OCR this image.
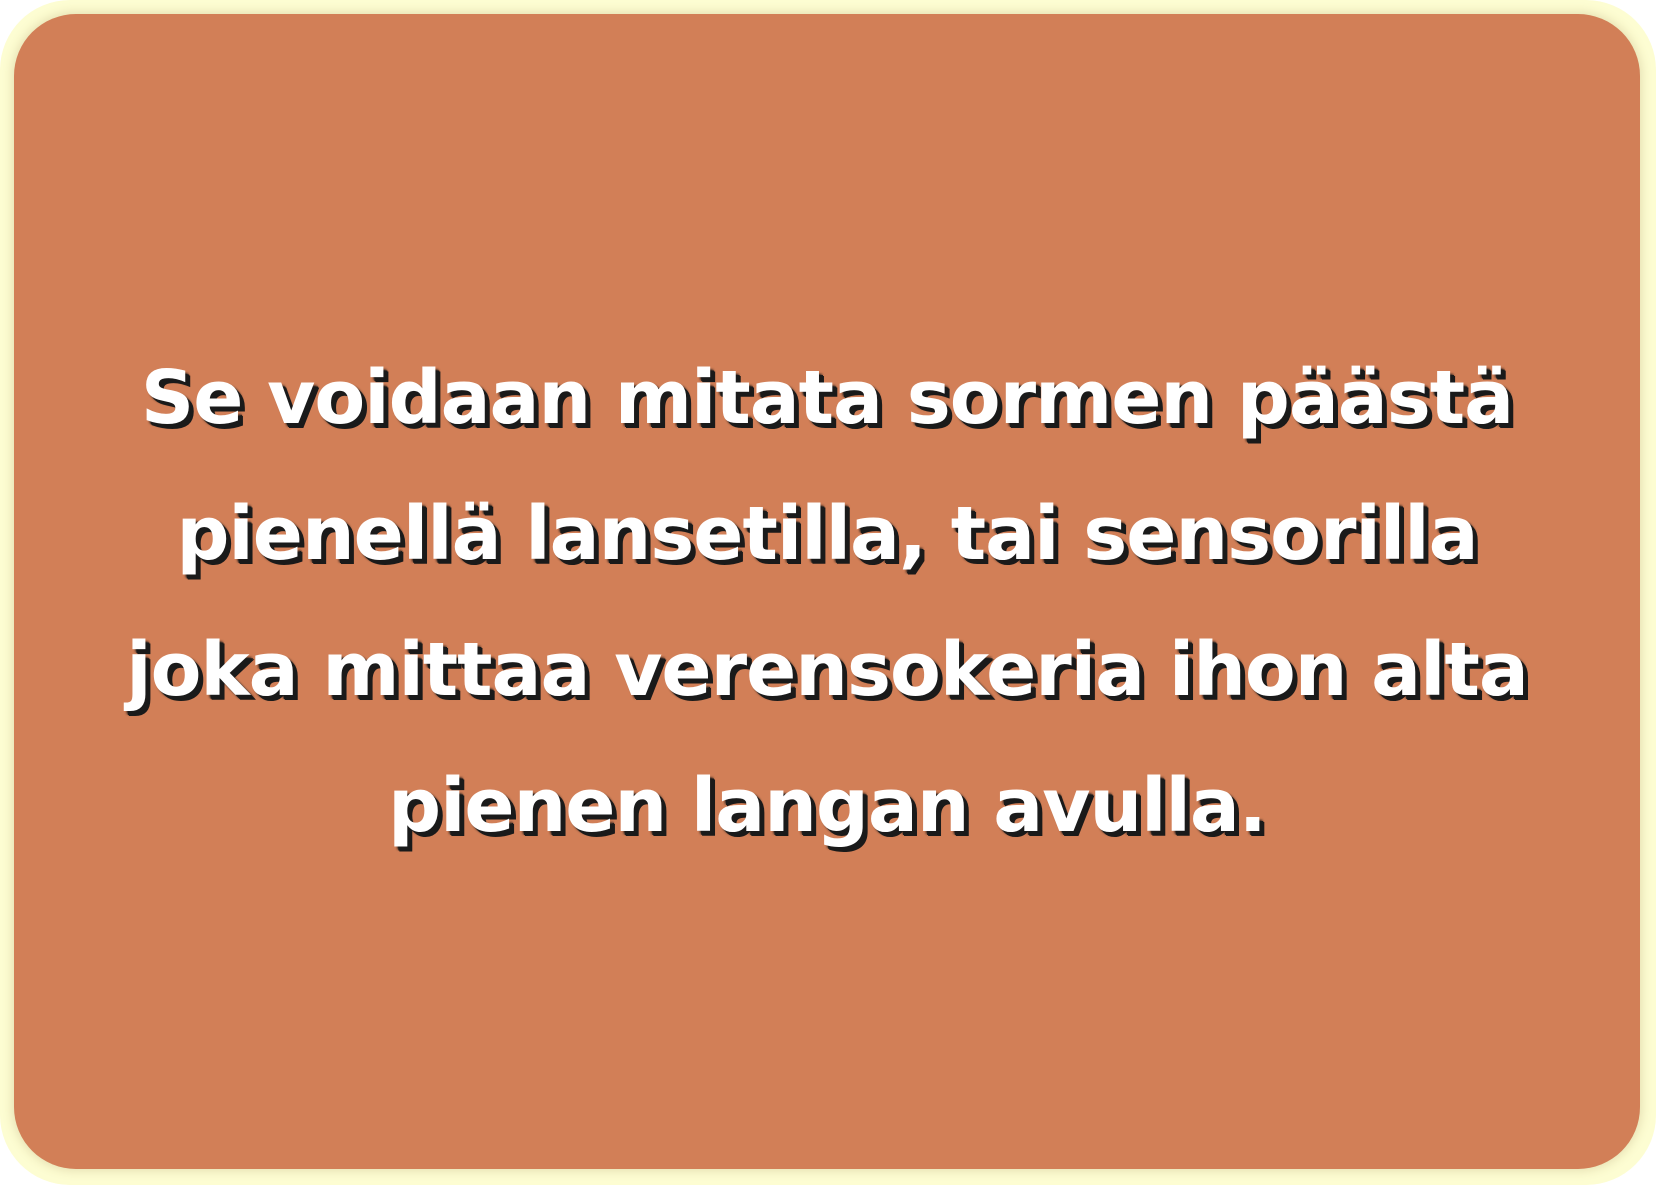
Se voidaan mitata sormen päästä
pienellä lansetilla, tai sensorilla
joka mittaa verensokeria ihon alta
pienen langan avulla.
